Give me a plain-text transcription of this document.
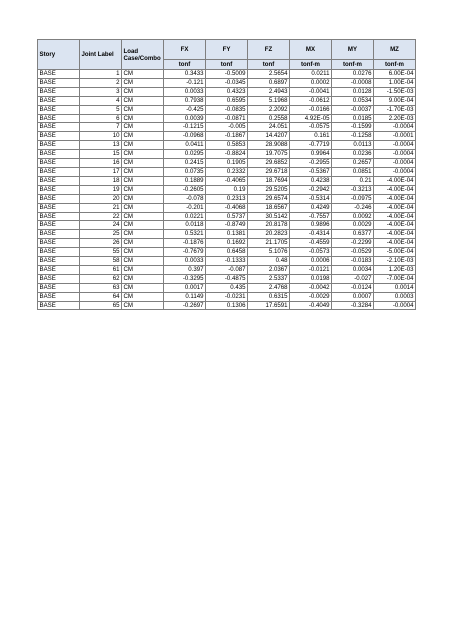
Story	Joint Label	Load Case/Combo	FX	FY	FZ	MX	MY	MZ
			tonf	tonf	tonf	tonf-m	tonf-m	tonf-m
BASE	1	CM	0.3433	-0.5009	2.5654	0.0211	0.0276	6.00E-04
BASE	2	CM	-0.121	-0.0345	0.6897	0.0002	-0.0008	1.00E-04
BASE	3	CM	0.0033	0.4323	2.4943	-0.0041	0.0128	-1.50E-03
BASE	4	CM	0.7938	0.6595	5.1968	-0.0612	0.0534	9.00E-04
BASE	5	CM	-0.425	-0.0835	2.2092	-0.0166	-0.0037	-1.70E-03
BASE	6	CM	0.0039	-0.0871	0.2558	4.92E-05	0.0185	2.20E-03
BASE	7	CM	-0.1215	-0.005	24.051	-0.0575	-0.1599	-0.0004
BASE	10	CM	-0.0968	-0.1867	14.4207	0.161	-0.1258	-0.0001
BASE	13	CM	0.0411	0.5853	28.9088	-0.7719	0.0113	-0.0004
BASE	15	CM	0.0295	-0.8824	19.7075	0.9964	0.0236	-0.0004
BASE	16	CM	0.2415	0.1905	29.6852	-0.2955	0.2657	-0.0004
BASE	17	CM	0.0735	0.2332	29.6718	-0.5367	0.0851	-0.0004
BASE	18	CM	0.1889	-0.4065	18.7694	0.4238	0.21	-4.00E-04
BASE	19	CM	-0.2605	0.19	29.5205	-0.2942	-0.3213	-4.00E-04
BASE	20	CM	-0.078	0.2313	29.6574	-0.5314	-0.0975	-4.00E-04
BASE	21	CM	-0.201	-0.4068	18.6567	0.4249	-0.246	-4.00E-04
BASE	22	CM	0.0221	0.5737	30.5142	-0.7557	0.0092	-4.00E-04
BASE	24	CM	0.0118	-0.8749	20.8178	0.9896	0.0029	-4.00E-04
BASE	25	CM	0.5321	0.1381	20.2823	-0.4314	0.6377	-4.00E-04
BASE	26	CM	-0.1876	0.1692	21.1705	-0.4559	-0.2299	-4.00E-04
BASE	55	CM	-0.7679	0.6458	5.1076	-0.0573	-0.0529	-5.00E-04
BASE	58	CM	0.0033	-0.1333	0.48	0.0006	-0.0183	-2.10E-03
BASE	61	CM	0.397	-0.087	2.0367	-0.0121	0.0034	1.20E-03
BASE	62	CM	-0.3295	-0.4875	2.5337	0.0198	-0.027	-7.00E-04
BASE	63	CM	0.0017	0.435	2.4768	-0.0042	-0.0124	0.0014
BASE	64	CM	0.1149	-0.0231	0.6315	-0.0029	0.0007	0.0003
BASE	65	CM	-0.2697	0.1306	17.6591	-0.4049	-0.3284	-0.0004
